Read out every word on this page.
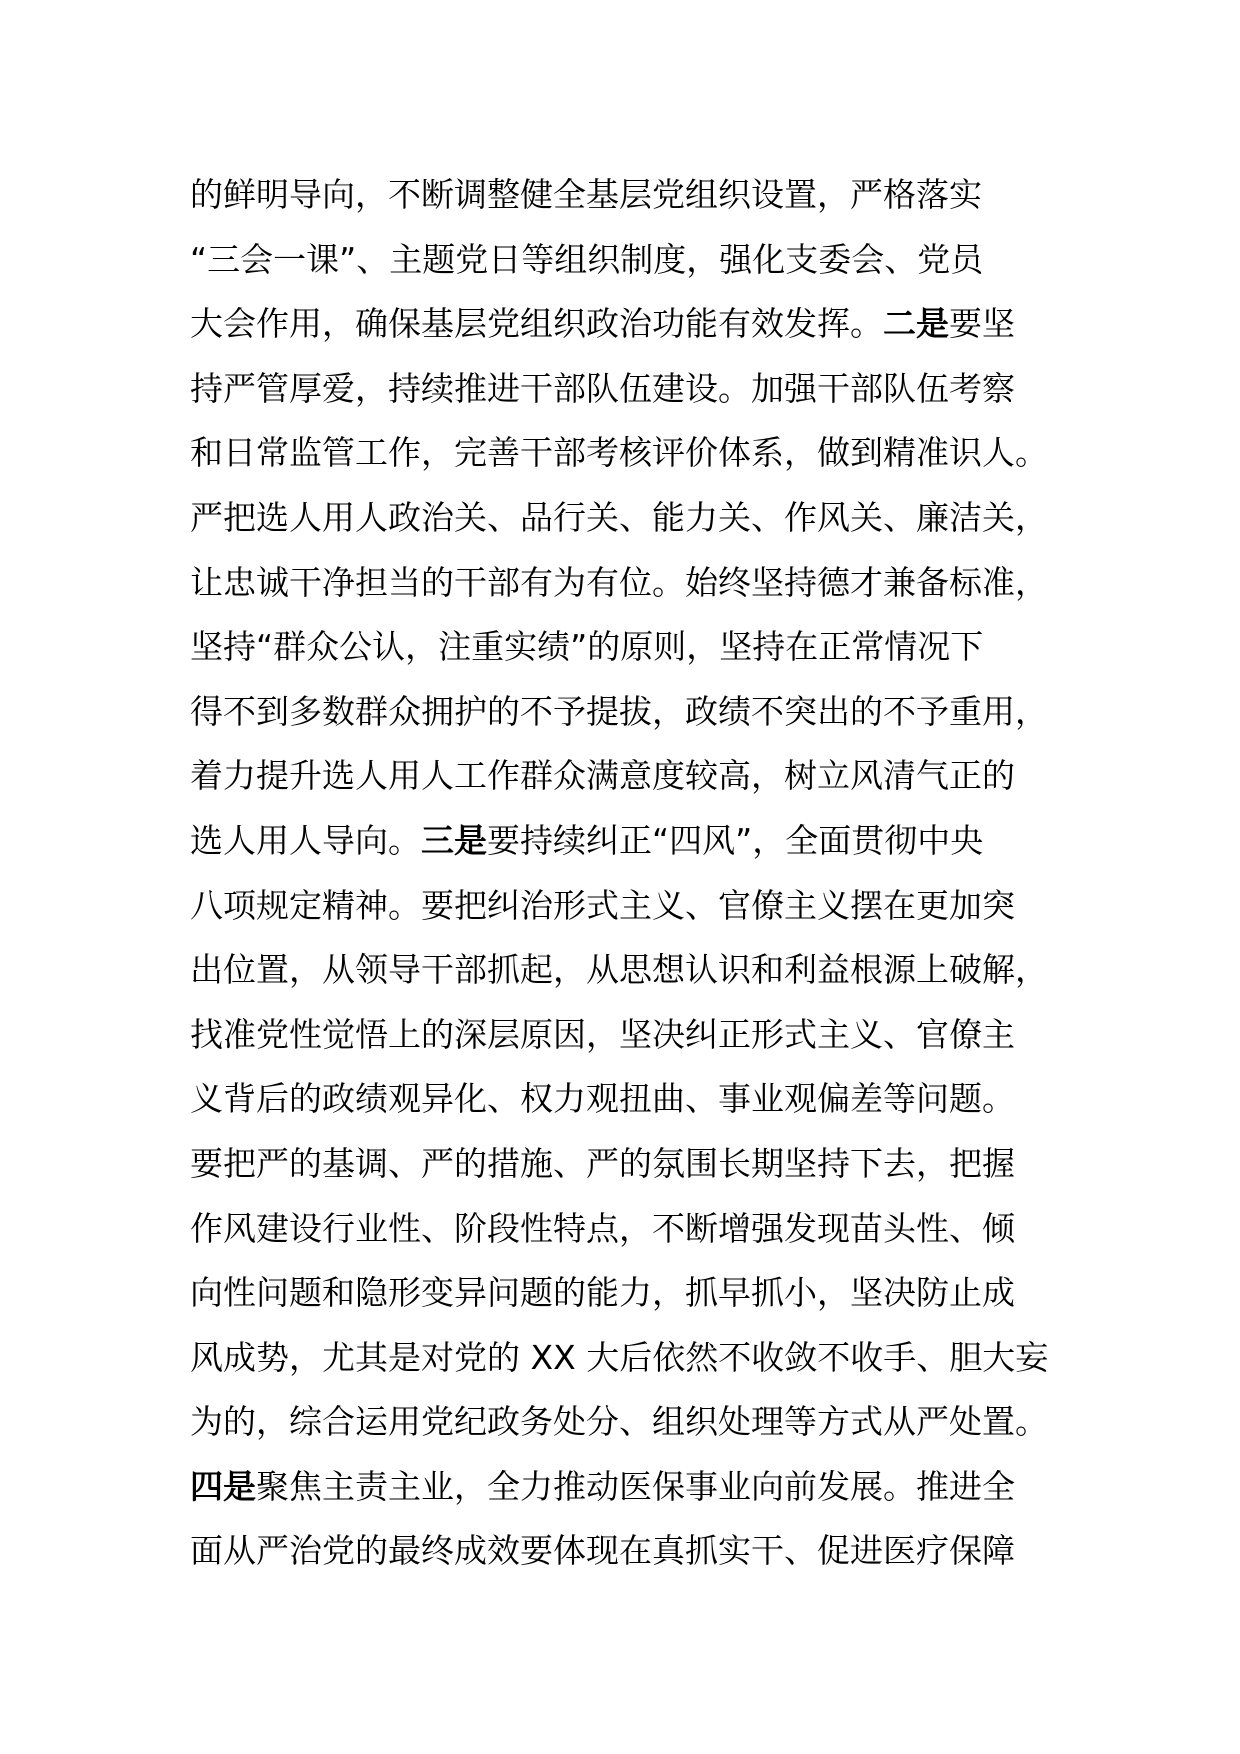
的鲜明导向，不断调整健全基层党组织设置，严格落实
“三会一课”、主题党日等组织制度，强化支委会、党员
大会作用，确保基层党组织政治功能有效发挥。二是要坚
持严管厚爱，持续推进干部队伍建设。加强干部队伍考察
和日常监管工作，完善干部考核评价体系，做到精准识人。
严把选人用人政治关、品行关、能力关、作风关、廉洁关，
让忠诚干净担当的干部有为有位。始终坚持德才兼备标准，
坚持“群众公认，注重实绩”的原则，坚持在正常情况下
得不到多数群众拥护的不予提拔，政绩不突出的不予重用，
着力提升选人用人工作群众满意度较高，树立风清气正的
选人用人导向。三是要持续纠正“四风”，全面贯彻中央
八项规定精神。要把纠治形式主义、官僚主义摆在更加突
出位置，从领导干部抓起，从思想认识和利益根源上破解，
找准党性觉悟上的深层原因，坚决纠正形式主义、官僚主
义背后的政绩观异化、权力观扭曲、事业观偏差等问题。
要把严的基调、严的措施、严的氛围长期坚持下去，把握
作风建设行业性、阶段性特点，不断增强发现苗头性、倾
向性问题和隐形变异问题的能力，抓早抓小，坚决防止成
风成势，尤其是对党的 XX 大后依然不收敛不收手、胆大妄
为的，综合运用党纪政务处分、组织处理等方式从严处置。
四是聚焦主责主业，全力推动医保事业向前发展。推进全
面从严治党的最终成效要体现在真抓实干、促进医疗保障
